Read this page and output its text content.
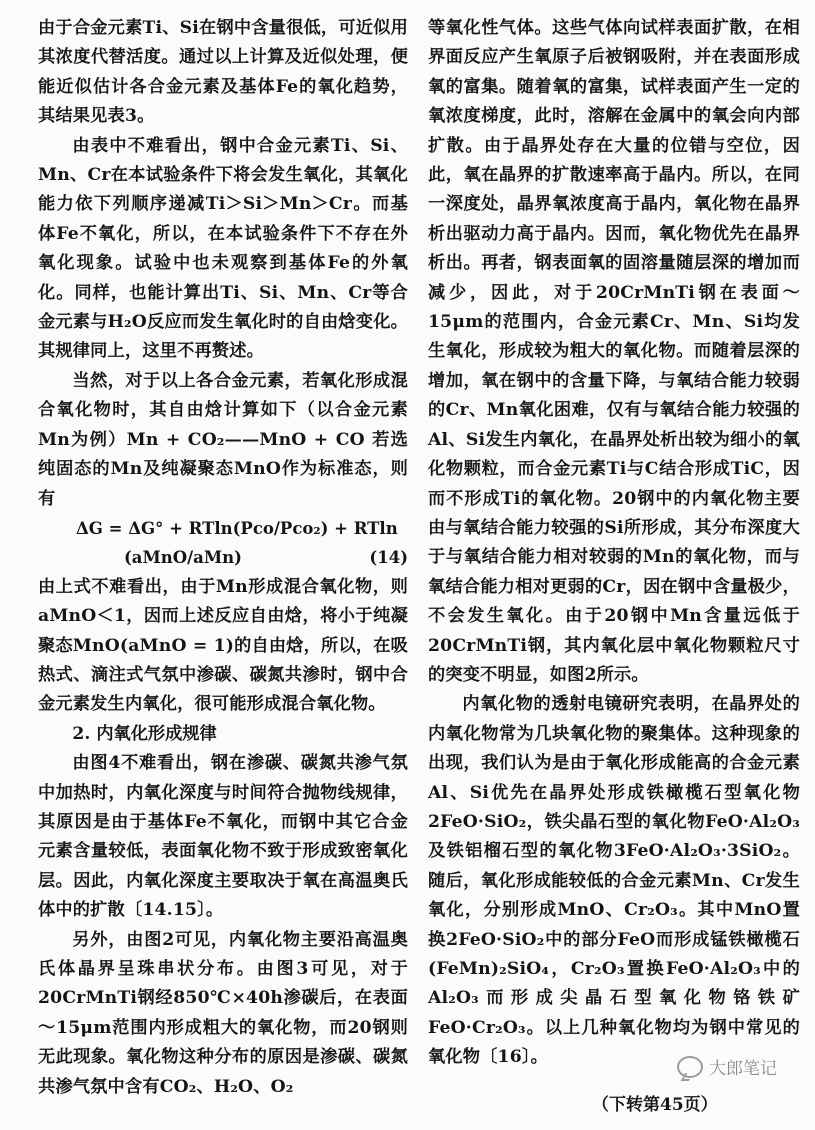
由于合金元素Ti、Si在钢中含量很低，可近似用其浓度代替活度。通过以上计算及近似处理，便能近似估计各合金元素及基体Fe的氧化趋势，其结果见表3。

由表中不难看出，钢中合金元素Ti、Si、Mn、Cr在本试验条件下将会发生氧化，其氧化能力依下列顺序递减Ti＞Si＞Mn＞Cr。而基体Fe不氧化，所以，在本试验条件下不存在外氧化现象。试验中也未观察到基体Fe的外氧化。同样，也能计算出Ti、Si、Mn、Cr等合金元素与H₂O反应而发生氧化时的自由焓变化。其规律同上，这里不再赘述。

当然，对于以上各合金元素，若氧化形成混合氧化物时，其自由焓计算如下（以合金元素Mn为例）Mn + CO₂——MnO + CO 若选纯固态的Mn及纯凝聚态MnO作为标准态，则有

ΔG = ΔG° + RTln(Pco/Pco₂) + RTln

(aMnO/aMn)	(14)

由上式不难看出，由于Mn形成混合氧化物，则aMnO＜1，因而上述反应自由焓，将小于纯凝聚态MnO(aMnO = 1)的自由焓，所以，在吸热式、滴注式气氛中渗碳、碳氮共渗时，钢中合金元素发生内氧化，很可能形成混合氧化物。

2. 内氧化形成规律

由图4不难看出，钢在渗碳、碳氮共渗气氛中加热时，内氧化深度与时间符合抛物线规律，其原因是由于基体Fe不氧化，而钢中其它合金元素含量较低，表面氧化物不致于形成致密氧化层。因此，内氧化深度主要取决于氧在高温奥氏体中的扩散〔14.15〕。

另外，由图2可见，内氧化物主要沿高温奥氏体晶界呈珠串状分布。由图3可见，对于20CrMnTi钢经850℃×40h渗碳后，在表面～15μm范围内形成粗大的氧化物，而20钢则无此现象。氧化物这种分布的原因是渗碳、碳氮共渗气氛中含有CO₂、H₂O、O₂

等氧化性气体。这些气体向试样表面扩散，在相界面反应产生氧原子后被钢吸附，并在表面形成氧的富集。随着氧的富集，试样表面产生一定的氧浓度梯度，此时，溶解在金属中的氧会向内部扩散。由于晶界处存在大量的位错与空位，因此，氧在晶界的扩散速率高于晶内。所以，在同一深度处，晶界氧浓度高于晶内，氧化物在晶界析出驱动力高于晶内。因而，氧化物优先在晶界析出。再者，钢表面氧的固溶量随层深的增加而减少，因此，对于20CrMnTi钢在表面～15μm的范围内，合金元素Cr、Mn、Si均发生氧化，形成较为粗大的氧化物。而随着层深的增加，氧在钢中的含量下降，与氧结合能力较弱的Cr、Mn氧化困难，仅有与氧结合能力较强的Al、Si发生内氧化，在晶界处析出较为细小的氧化物颗粒，而合金元素Ti与C结合形成TiC，因而不形成Ti的氧化物。20钢中的内氧化物主要由与氧结合能力较强的Si所形成，其分布深度大于与氧结合能力相对较弱的Mn的氧化物，而与氧结合能力相对更弱的Cr，因在钢中含量极少，不会发生氧化。由于20钢中Mn含量远低于20CrMnTi钢，其内氧化层中氧化物颗粒尺寸的突变不明显，如图2所示。

内氧化物的透射电镜研究表明，在晶界处的内氧化物常为几块氧化物的聚集体。这种现象的出现，我们认为是由于氧化形成能高的合金元素Al、Si优先在晶界处形成铁橄榄石型氧化物2FeO·SiO₂，铁尖晶石型的氧化物FeO·Al₂O₃及铁铝榴石型的氧化物3FeO·Al₂O₃·3SiO₂。随后，氧化形成能较低的合金元素Mn、Cr发生氧化，分别形成MnO、Cr₂O₃。其中MnO置换2FeO·SiO₂中的部分FeO而形成锰铁橄榄石(FeMn)₂SiO₄，Cr₂O₃置换FeO·Al₂O₃中的Al₂O₃而形成尖晶石型氧化物铬铁矿FeO·Cr₂O₃。以上几种氧化物均为钢中常见的氧化物〔16〕。

大郎笔记
（下转第45页）
